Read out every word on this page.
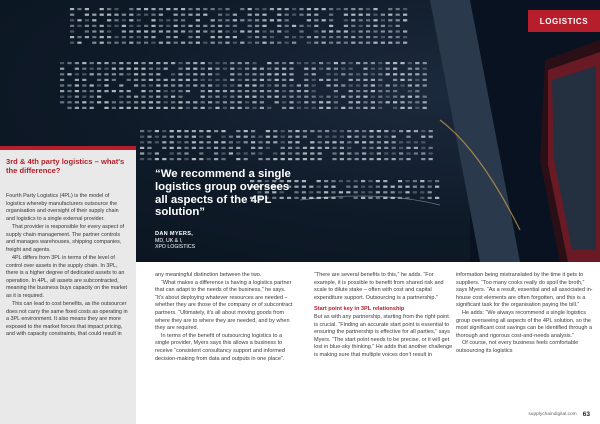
LOGISTICS
“We recommend a single logistics group oversees all aspects of the 4PL solution”
DAN MYERS,
MD, UK & I,
XPO LOGISTICS
3rd & 4th party logistics – what's the difference?

Fourth Party Logistics (4PL) is the model of logistics whereby manufacturers outsource the organisation and oversight of their supply chain and logistics to a single external provider.

That provider is responsible for every aspect of supply chain management. The partner controls and manages warehouses, shipping companies, freight and agents.

4PL differs from 3PL in terms of the level of control over assets in the supply chain. In 3PL, there is a higher degree of dedicated assets to an operation. In 4PL, all assets are subcontracted, meaning the business buys capacity on the market as it is required.

This can lead to cost benefits, as the outsourcer does not carry the same fixed costs as operating in a 3PL environment. It also means they are more exposed to the market forces that impact pricing, and with capacity constraints, that could result in

any meaningful distinction between the two.

“What makes a difference is having a logistics partner that can adapt to the needs of the business,” he says. “It’s about deploying whatever resources are needed – whether they are those of the company or of subcontract partners. “Ultimately, it’s all about moving goods from where they are to where they are needed, and by when they are required.

In terms of the benefit of outsourcing logistics to a single provider, Myers says this allows a business to receive “consistent consultancy support and informed decision-making from data and outputs in one place”.

“There are several benefits to this,” he adds. “For example, it is possible to benefit from shared risk and scale to dilute stake – often with cost and capital expenditure support. Outsourcing is a partnership.”

Start point key in 3PL relationship

But as with any partnership, starting from the right point is crucial. “Finding an accurate start point is essential to ensuring the partnership is effective for all parties,” says Myers. “The start point needs to be precise, or it will get lost in blue-sky thinking.” He adds that another challenge is making sure that multiple voices don’t result in

information being mistranslated by the time it gets to suppliers. “Too many cooks really do spoil the broth,” says Myers. “As a result, essential and all associated in-house cost elements are often forgotten, and this is a significant task for the organisation paying the bill.”

He adds: “We always recommend a single logistics group overseeing all aspects of the 4PL solution, so the most significant cost savings can be identified through a thorough and rigorous cost-and-needs analysis.”

Of course, not every business feels comfortable outsourcing its logistics

supplychaindigital.com 63
